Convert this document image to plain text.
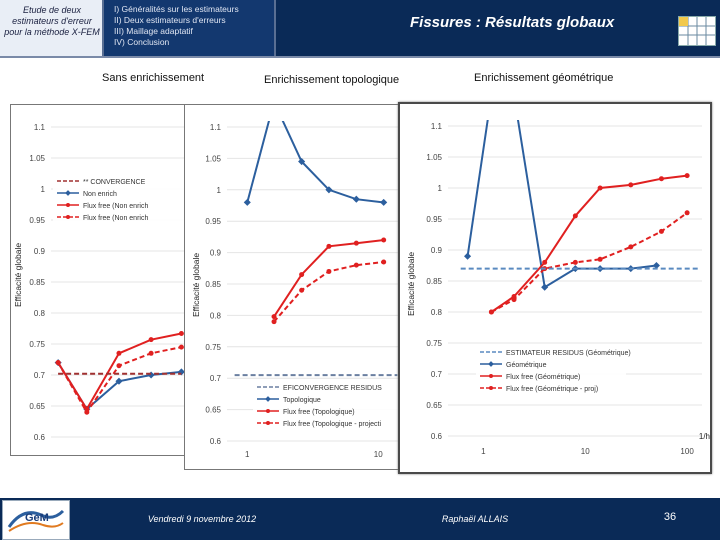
Etude de deux estimateurs d'erreur pour la méthode X-FEM
I) Généralités sur les estimateurs
II) Deux estimateurs d'erreurs
III) Maillage adaptatif
IV) Conclusion
Fissures : Résultats globaux
Sans enrichissement	Enrichissement topologique	Enrichissement géométrique
1.1
1.05
1
0.95
0.9
0.85
0.8
0.75
0.7
0.65
0.6
Efficacité globale
** CONVERGENCE
Non enrich
Flux free (Non enrich
Flux free (Non enrich
1.1
1.05
1
0.95
0.9
0.85
0.8
0.75
0.7
0.65
0.6
1	10
Efficacité globale
EFICONVERGENCE RESIDUS
Topologique
Flux free (Topologique)
Flux free (Topologique - projecti
1.1
1.05
1
0.95
0.9
0.85
0.8
0.75
0.7
0.65
0.6
1	10	100
1/h
Efficacité globale
ESTIMATEUR RESIDUS (Géométrique)
Géométrique
Flux free (Géométrique)
Flux free (Géométrique - proj)
GeM	Vendredi 9 novembre 2012	Raphaël ALLAIS	36
